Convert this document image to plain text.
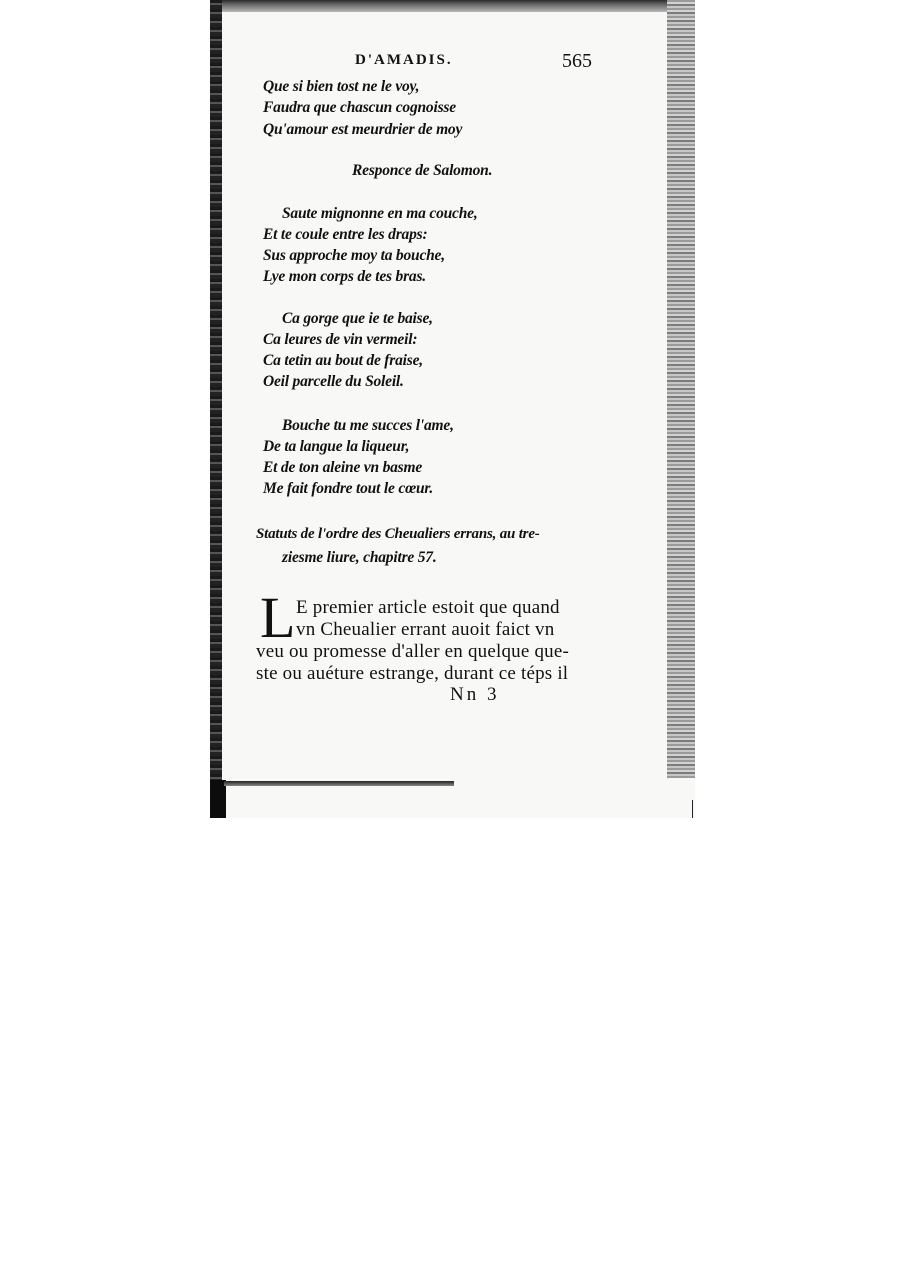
D'AMADIS.	565
Que si bien tost ne le voy,
Faudra que chascun cognoisse
Qu'amour est meurdrier de moy
Responce de Salomon.
Saute mignonne en ma couche,
Et te coule entre les draps:
Sus approche moy ta bouche,
Lye mon corps de tes bras.
Ca gorge que ie te baise,
Ca leures de vin vermeil:
Ca tetin au bout de fraise,
Oeil parcelle du Soleil.
Bouche tu me succes l'ame,
De ta langue la liqueur,
Et de ton aleine vn basme
Me fait fondre tout le cœur.
Statuts de l'ordre des Cheualiers errans, au tre-
ziesme liure, chapitre 57.
L E premier article estoit que quand
vn Cheualier errant auoit faict vn
veu ou promesse d'aller en quelque que-
ste ou auéture estrange, durant ce téps il
Nn 3
